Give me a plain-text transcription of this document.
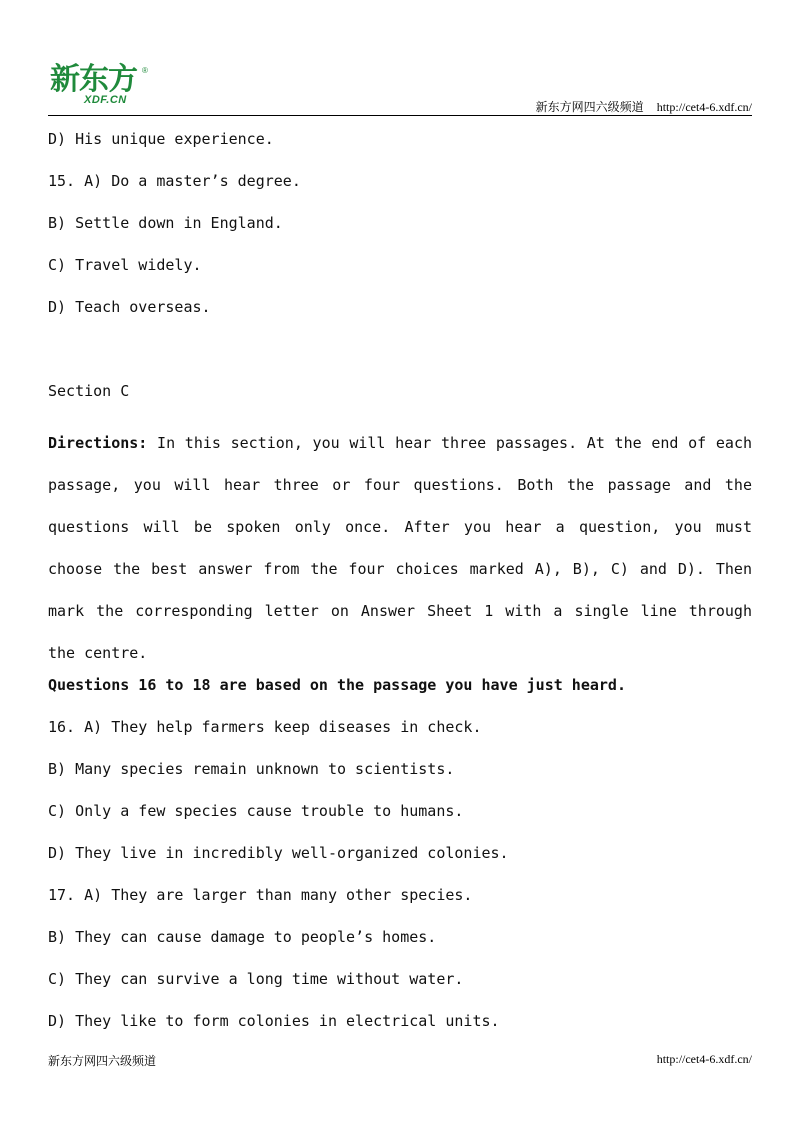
新东方 ®
XDF.CN	新东方网四六级频道 http://cet4-6.xdf.cn/
D) His unique experience.
15. A) Do a master’s degree.
B) Settle down in England.
C) Travel widely.
D) Teach overseas.
Section C
Directions: In this section, you will hear three passages. At the end of each passage, you will hear three or four questions. Both the passage and the questions will be spoken only once. After you hear a question, you must choose the best answer from the four choices marked A), B), C) and D). Then mark the corresponding letter on Answer Sheet 1 with a single line through the centre.
Questions 16 to 18 are based on the passage you have just heard.
16. A) They help farmers keep diseases in check.
B) Many species remain unknown to scientists.
C) Only a few species cause trouble to humans.
D) They live in incredibly well-organized colonies.
17. A) They are larger than many other species.
B) They can cause damage to people’s homes.
C) They can survive a long time without water.
D) They like to form colonies in electrical units.
新东方网四六级频道	http://cet4-6.xdf.cn/
